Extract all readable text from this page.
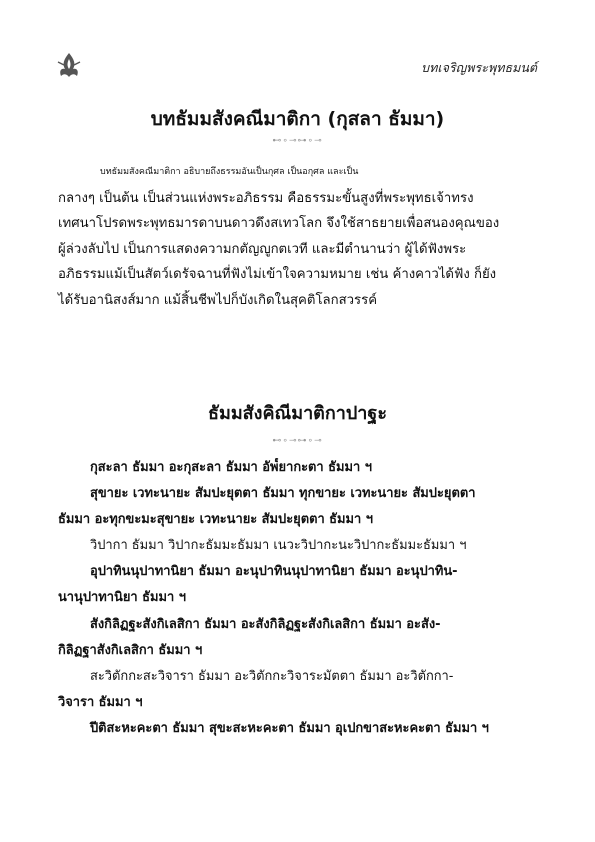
บทเจริญพระพุทธมนต์
บทธัมมสังคณีมาติกา (กุสลา ธัมมา)
⊷∘⊸⊶∘⊸
บทธัมมสังคณีมาติกา อธิบายถึงธรรมอันเป็นกุศล เป็นอกุศล และเป็น
กลางๆ เป็นต้น เป็นส่วนแห่งพระอภิธรรม คือธรรมะขั้นสูงที่พระพุทธเจ้าทรง
เทศนาโปรดพระพุทธมารดาบนดาวดึงสเทวโลก จึงใช้สาธยายเพื่อสนองคุณของ
ผู้ล่วงลับไป เป็นการแสดงความกตัญญูกตเวที และมีตำนานว่า ผู้ได้ฟังพระ
อภิธรรมแม้เป็นสัตว์เดรัจฉานที่ฟังไม่เข้าใจความหมาย เช่น ค้างคาวได้ฟัง ก็ยัง
ได้รับอานิสงส์มาก แม้สิ้นชีพไปก็บังเกิดในสุคติโลกสวรรค์
ธัมมสังคิณีมาติกาปาฐะ
⊷∘⊸⊶∘⊸
กุสะลา ธัมมา อะกุสะลา ธัมมา อัพ๎ยากะตา ธัมมา ฯ
สุขายะ เวทะนายะ สัมปะยุตตา ธัมมา ทุกขายะ เวทะนายะ สัมปะยุตตา
ธัมมา อะทุกขะมะสุขายะ เวทะนายะ สัมปะยุตตา ธัมมา ฯ
วิปากา ธัมมา วิปากะธัมมะธัมมา เนวะวิปากะนะวิปากะธัมมะธัมมา ฯ
อุปาทินนุปาทานิยา ธัมมา อะนุปาทินนุปาทานิยา ธัมมา อะนุปาทิน-
นานุปาทานิยา ธัมมา ฯ
สังกิลิฏฐะสังกิเลสิกา ธัมมา อะสังกิลิฏฐะสังกิเลสิกา ธัมมา อะสัง-
กิลิฏฐาสังกิเลสิกา ธัมมา ฯ
สะวิตักกะสะวิจารา ธัมมา อะวิตักกะวิจาระมัตตา ธัมมา อะวิตักกา-
วิจารา ธัมมา ฯ
ปีติสะหะคะตา ธัมมา สุขะสะหะคะตา ธัมมา อุเปกขาสะหะคะตา ธัมมา ฯ
